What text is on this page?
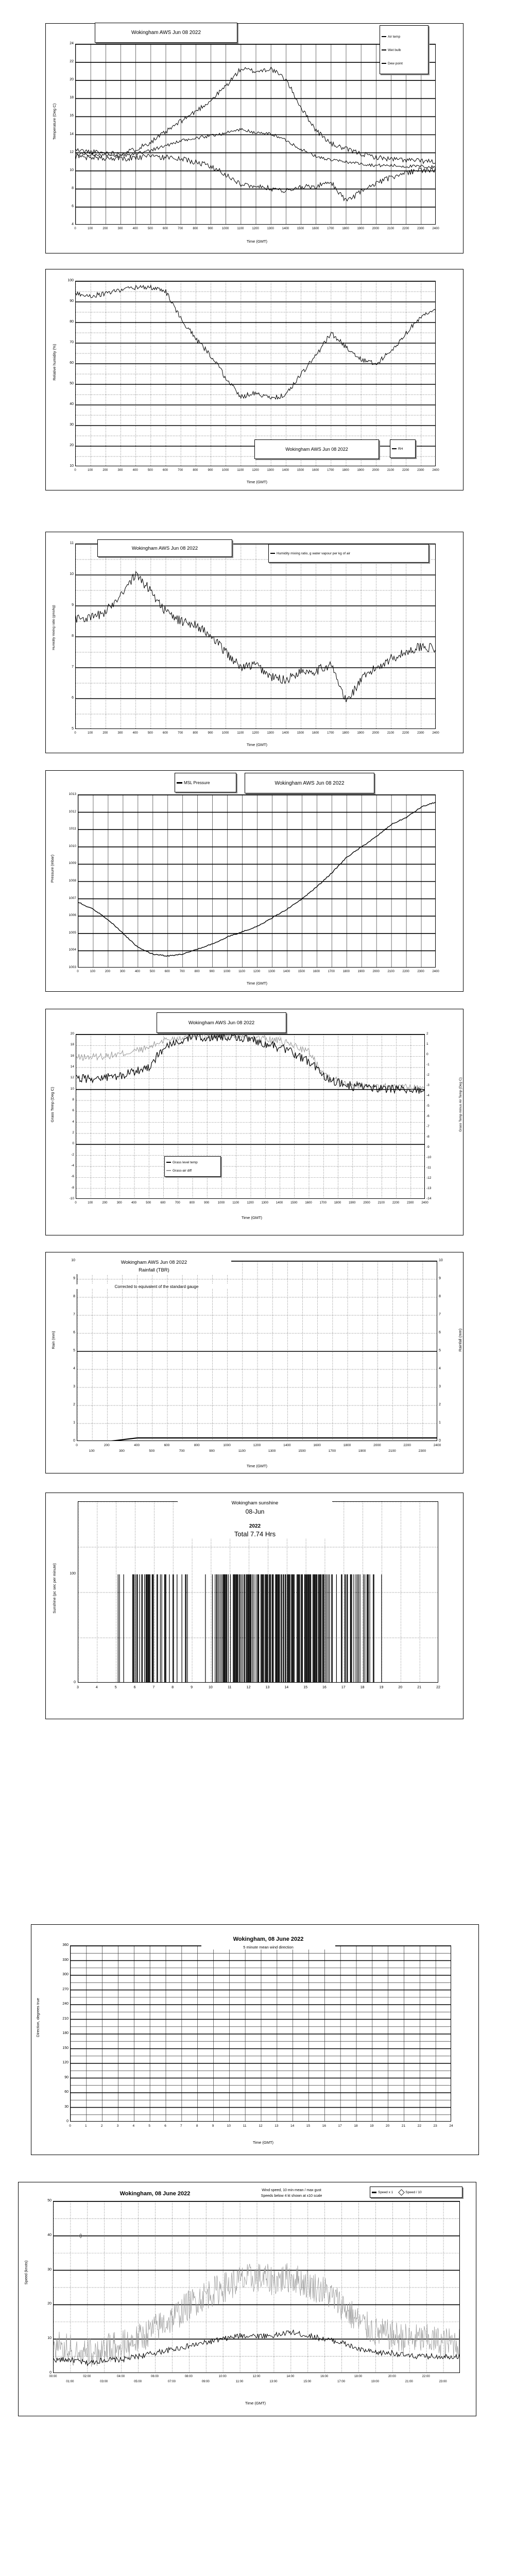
Wokingham AWS Jun 08 2022
Air temp
Wet bulb
Dew point
Temperature (Deg C)
Time (GMT)
4
6
8
10
12
14
16
18
20
22
24
0	100	200	300	400	500	600	700	800	900	1000	1100	1200	1300	1400	1500	1600	1700	1800	1900	2000	2100	2200	2300	2400
Wokingham AWS Jun 08 2022	RH
Relative humidity (%)
Time (GMT)
10
20
30
40
50
60
70
80
90
100
0	100	200	300	400	500	600	700	800	900	1000	1100	1200	1300	1400	1500	1600	1700	1800	1900	2000	2100	2200	2300	2400
Wokingham AWS Jun 08 2022
Humidity mixing ratio, g water vapour per kg of air
Humidity mixing ratio (gms/kg)
Time (GMT)
5
6
7
8
9
10
11
0	100	200	300	400	500	600	700	800	900	1000	1100	1200	1300	1400	1500	1600	1700	1800	1900	2000	2100	2200	2300	2400
MSL Pressure	Wokingham AWS Jun 08 2022
Pressure (mbar)
Time (GMT)
1003
1004
1005
1006
1007
1008
1009
1010
1011
1012
1013
0	100	200	300	400	500	600	700	800	900	1000	1100	1200	1300	1400	1500	1600	1700	1800	1900	2000	2100	2200	2300	2400
Wokingham AWS Jun 08 2022
Grass Temp (Deg C)	Grass Temp minus Air Temp (Deg C)
Grass level temp
Grass-air diff
Time (GMT)
-10
-8
-6
-4
-2
0
2
4
6
8
10
12
14
16
18
20
-14
-13
-12
-11
-10
-9
-8
-7
-6
-5
-4
-3
-2
-1
0
1
2
0	100	200	300	400	500	600	700	800	900	1000	1100	1200	1300	1400	1500	1600	1700	1800	1900	2000	2100	2200	2300	2400
Wokingham AWS Jun 08 2022
Rainfall (TBR)
Corrected to equivalent of the standard gauge
Rain (mm)	Rainfall (mm)
Time (GMT)
0
1
2
3
4
5
6
7
8
9
10
0
1
2
3
4
5
6
7
8
9
10
0	200	400	600	800	1000	1200	1400	1600	1800	2000	2200	2400
100	300	500	700	900	1100	1300	1500	1700	1900	2100	2300
Wokingham sunshine
08-Jun
2022
Total 7.74 Hrs
Sunshine (pc sec per minute)
0
100
3	4	5	6	7	8	9	10	11	12	13	14	15	16	17	18	19	20	21	22
Wokingham, 08 June 2022
5 minute mean wind direction
Direction, degrees true
Time (GMT)
0
30
60
90
120
150
180
210
240
270
300
330
360
0	1	2	3	4	5	6	7	8	9	10	11	12	13	14	15	16	17	18	19	20	21	22	23	24
Wokingham, 08 June 2022
Wind speed, 10 min mean / max gust
Speeds below 4 kt shown at x10 scale
Speed x 1	Speed / 10
Speed (knots)
Time (GMT)
0
10
20
30
40
50
00:00
01:00
02:00
03:00
04:00
05:00
06:00
07:00
08:00
09:00
10:00
11:00
12:00
13:00
14:00
15:00
16:00
17:00
18:00
19:00
20:00
21:00
22:00
23:00
